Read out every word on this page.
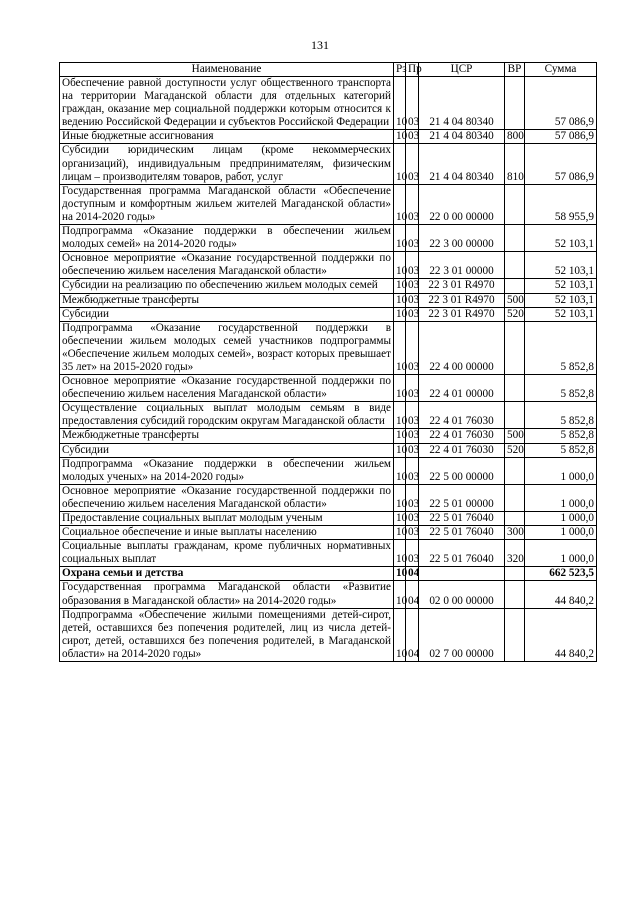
131
Наименование	Рз	Пр	ЦСР	ВР	Сумма
Обеспечение равной доступности услуг общественного транспорта на территории Магаданской области для отдельных категорий граждан, оказание мер социальной поддержки которым относится к ведению Российской Федерации и субъектов Российской Федерации	10	03	21 4 04 80340		57 086,9
Иные бюджетные ассигнования	10	03	21 4 04 80340	800	57 086,9
Субсидии юридическим лицам (кроме некоммерческих организаций), индивидуальным предпринимателям, физическим лицам – производителям товаров, работ, услуг	10	03	21 4 04 80340	810	57 086,9
Государственная программа Магаданской области «Обеспечение доступным и комфортным жильем жителей Магаданской области» на 2014-2020 годы»	10	03	22 0 00 00000		58 955,9
Подпрограмма «Оказание поддержки в обеспечении жильем молодых семей» на 2014-2020 годы»	10	03	22 3 00 00000		52 103,1
Основное мероприятие «Оказание государственной поддержки по обеспечению жильем населения Магаданской области»	10	03	22 3 01 00000		52 103,1
Субсидии на реализацию по обеспечению жильем молодых семей	10	03	22 3 01 R4970		52 103,1
Межбюджетные трансферты	10	03	22 3 01 R4970	500	52 103,1
Субсидии	10	03	22 3 01 R4970	520	52 103,1
Подпрограмма «Оказание государственной поддержки в обеспечении жильем молодых семей участников подпрограммы «Обеспечение жильем молодых семей», возраст которых превышает 35 лет» на 2015-2020 годы»	10	03	22 4 00 00000		5 852,8
Основное мероприятие «Оказание государственной поддержки по обеспечению жильем населения Магаданской области»	10	03	22 4 01 00000		5 852,8
Осуществление социальных выплат молодым семьям в виде предоставления субсидий городским округам Магаданской области	10	03	22 4 01 76030		5 852,8
Межбюджетные трансферты	10	03	22 4 01 76030	500	5 852,8
Субсидии	10	03	22 4 01 76030	520	5 852,8
Подпрограмма «Оказание поддержки в обеспечении жильем молодых ученых» на 2014-2020 годы»	10	03	22 5 00 00000		1 000,0
Основное мероприятие «Оказание государственной поддержки по обеспечению жильем населения Магаданской области»	10	03	22 5 01 00000		1 000,0
Предоставление социальных выплат молодым ученым	10	03	22 5 01 76040		1 000,0
Социальное обеспечение и иные выплаты населению	10	03	22 5 01 76040	300	1 000,0
Социальные выплаты гражданам, кроме публичных нормативных социальных выплат	10	03	22 5 01 76040	320	1 000,0
Охрана семьи и детства	10	04			662 523,5
Государственная программа Магаданской области «Развитие образования в Магаданской области» на 2014-2020 годы»	10	04	02 0 00 00000		44 840,2
Подпрограмма «Обеспечение жилыми помещениями детей-сирот, детей, оставшихся без попечения родителей, лиц из числа детей-сирот, детей, оставшихся без попечения родителей, в Магаданской области» на 2014-2020 годы»	10	04	02 7 00 00000		44 840,2
